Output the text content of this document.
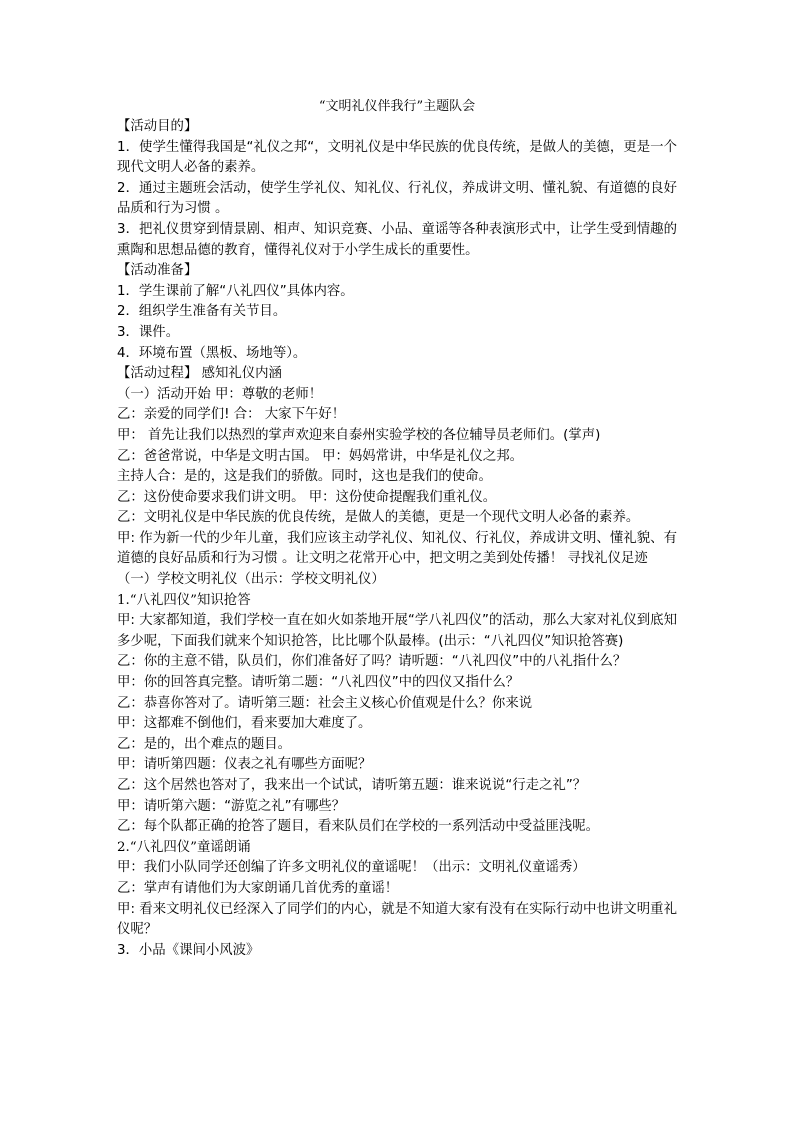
“文明礼仪伴我行”主题队会
【活动目的】
1．使学生懂得我国是“礼仪之邦“，文明礼仪是中华民族的优良传统，是做人的美德，更是一个现代文明人必备的素养。
2．通过主题班会活动，使学生学礼仪、知礼仪、行礼仪，养成讲文明、懂礼貌、有道德的良好品质和行为习惯 。
3．把礼仪贯穿到情景剧、相声、知识竞赛、小品、童谣等各种表演形式中，让学生受到情趣的熏陶和思想品德的教育，懂得礼仪对于小学生成长的重要性。
【活动准备】
1．学生课前了解“八礼四仪”具体内容。
2．组织学生准备有关节目。
3．课件。
4．环境布置（黑板、场地等）。
【活动过程】 感知礼仪内涵
（一）活动开始 甲：尊敬的老师！
乙：亲爱的同学们! 合： 大家下午好！
甲： 首先让我们以热烈的掌声欢迎来自泰州实验学校的各位辅导员老师们。(掌声)
乙：爸爸常说，中华是文明古国。 甲：妈妈常讲，中华是礼仪之邦。
主持人合：是的，这是我们的骄傲。同时，这也是我们的使命。
乙：这份使命要求我们讲文明。 甲：这份使命提醒我们重礼仪。
乙：文明礼仪是中华民族的优良传统，是做人的美德，更是一个现代文明人必备的素养。
甲: 作为新一代的少年儿童，我们应该主动学礼仪、知礼仪、行礼仪，养成讲文明、懂礼貌、有道德的良好品质和行为习惯 。让文明之花常开心中，把文明之美到处传播！ 寻找礼仪足迹
（一）学校文明礼仪（出示：学校文明礼仪）
1.“八礼四仪”知识抢答
甲: 大家都知道，我们学校一直在如火如荼地开展“学八礼四仪”的活动，那么大家对礼仪到底知多少呢，下面我们就来个知识抢答，比比哪个队最棒。(出示：“八礼四仪”知识抢答赛)
乙：你的主意不错，队员们，你们准备好了吗？请听题：“八礼四仪”中的八礼指什么？
甲：你的回答真完整。请听第二题：“八礼四仪”中的四仪又指什么？
乙：恭喜你答对了。请听第三题：社会主义核心价值观是什么？你来说
甲：这都难不倒他们，看来要加大难度了。
乙：是的，出个难点的题目。
甲：请听第四题：仪表之礼有哪些方面呢？
乙：这个居然也答对了，我来出一个试试，请听第五题：谁来说说“行走之礼”？
甲：请听第六题：“游览之礼”有哪些？
乙：每个队都正确的抢答了题目，看来队员们在学校的一系列活动中受益匪浅呢。
2.“八礼四仪”童谣朗诵
甲：我们小队同学还创编了许多文明礼仪的童谣呢！（出示：文明礼仪童谣秀）
乙：掌声有请他们为大家朗诵几首优秀的童谣！
甲: 看来文明礼仪已经深入了同学们的内心，就是不知道大家有没有在实际行动中也讲文明重礼仪呢？
3．小品《课间小风波》
